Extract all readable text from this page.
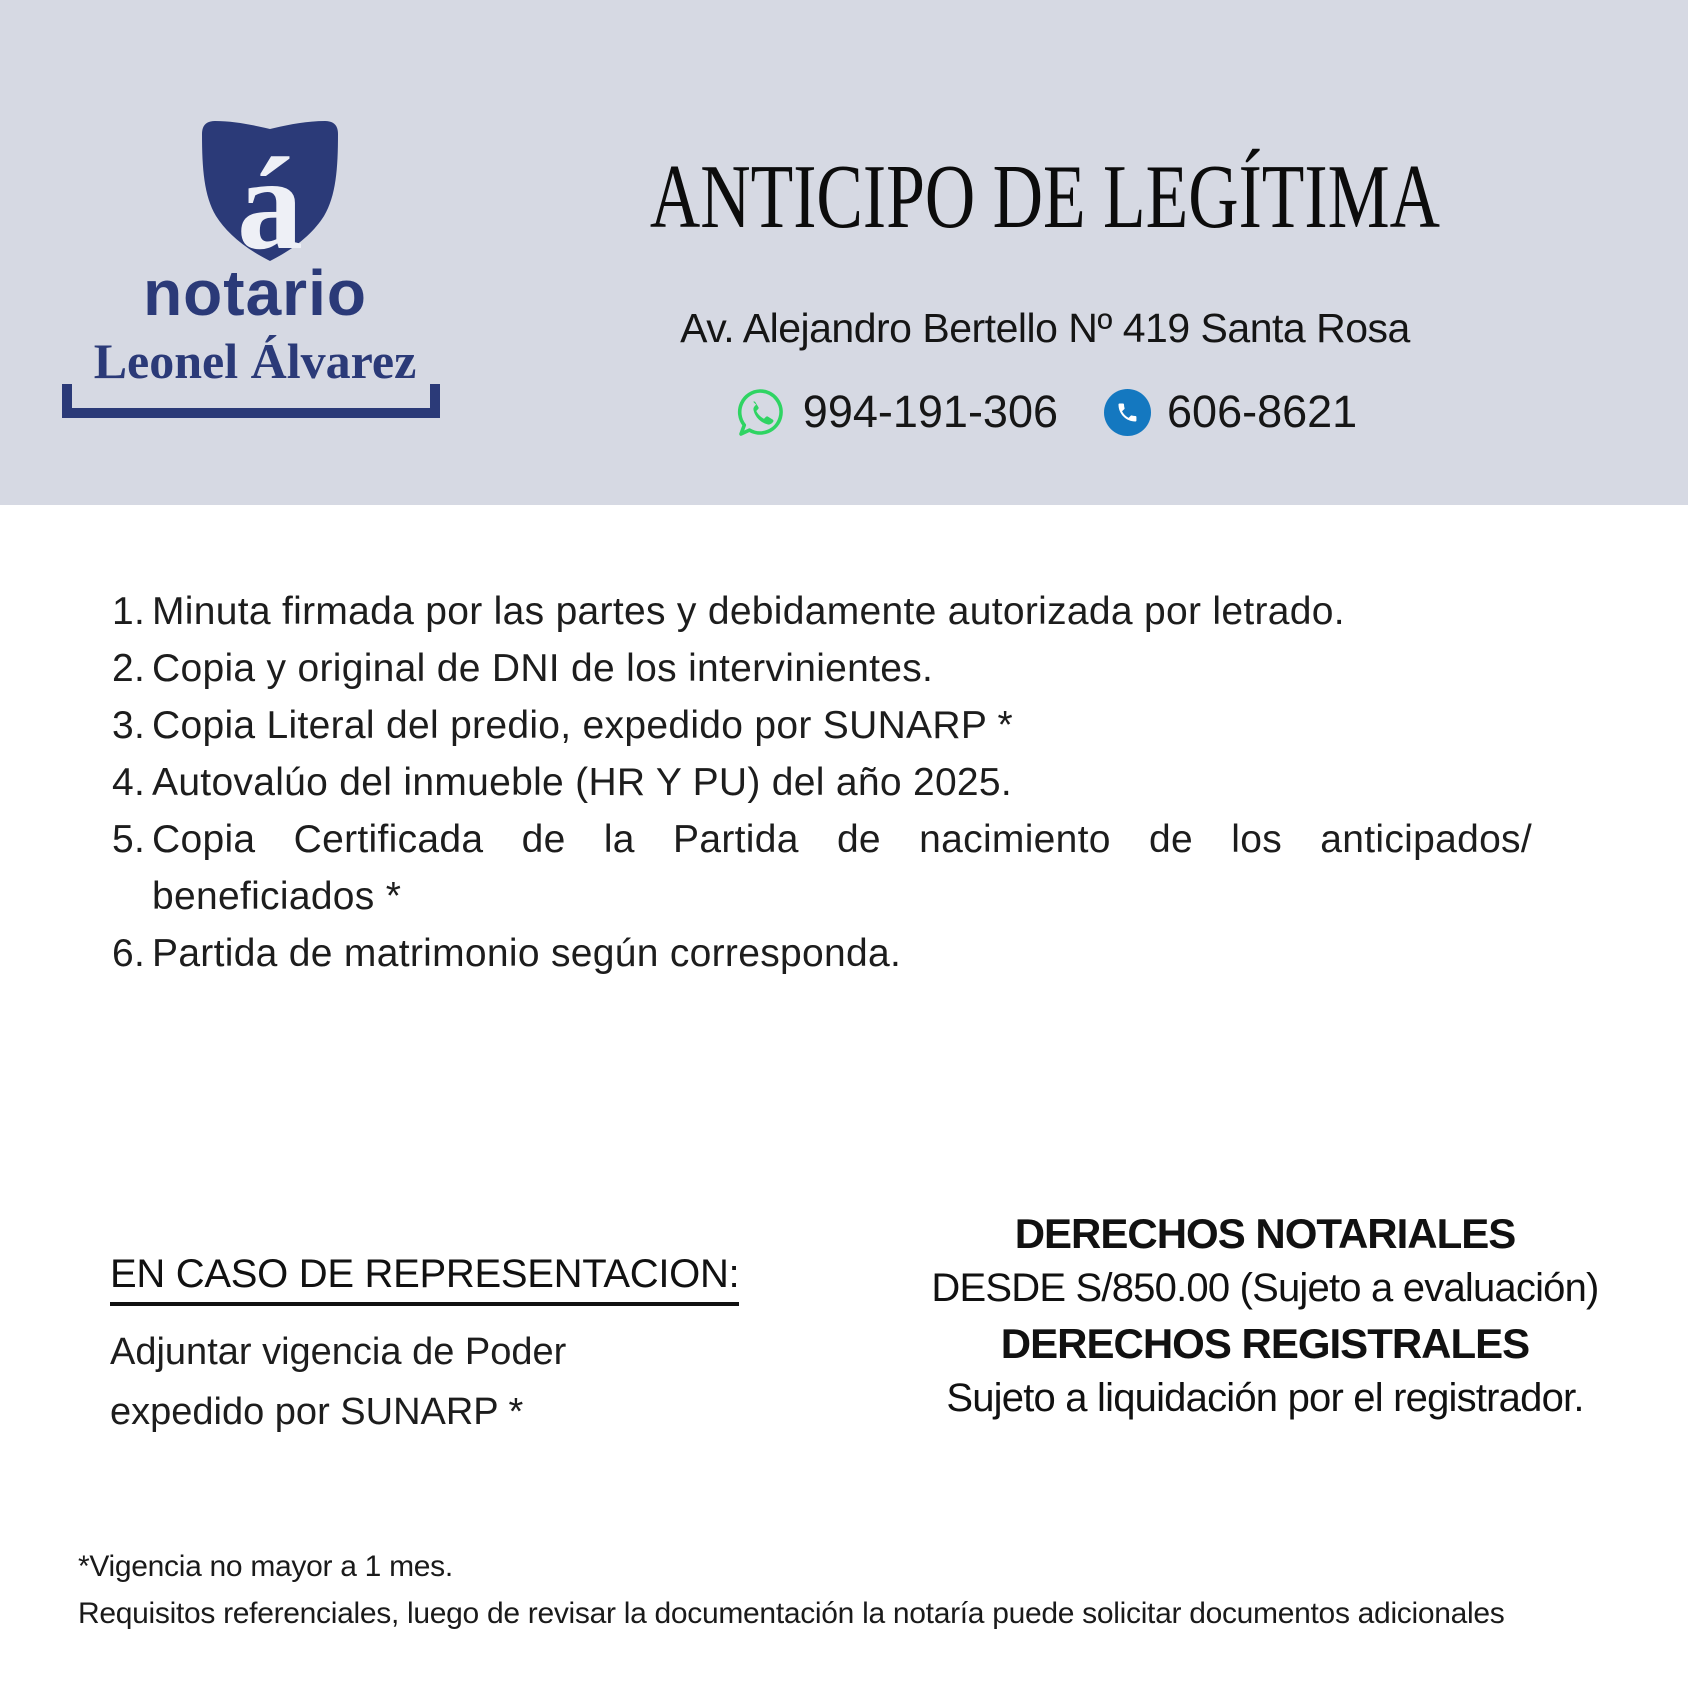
á
notario
Leonel Álvarez
ANTICIPO DE LEGÍTIMA
Av. Alejandro Bertello Nº 419 Santa Rosa
994-191-306 606-8621
Minuta firmada por las partes y debidamente autorizada por letrado.
Copia y original de DNI de los intervinientes.
Copia Literal del predio, expedido por SUNARP *
Autovalúo del inmueble (HR Y PU) del año 2025.
Copia Certificada de la Partida de nacimiento de los anticipados/
beneficiados *
Partida de matrimonio según corresponda.
EN CASO DE REPRESENTACION:
Adjuntar vigencia de Poder
expedido por SUNARP *
DERECHOS NOTARIALES
DESDE S/850.00 (Sujeto a evaluación)
DERECHOS REGISTRALES
Sujeto a liquidación por el registrador.
*Vigencia no mayor a 1 mes.
Requisitos referenciales, luego de revisar la documentación la notaría puede solicitar documentos adicionales
